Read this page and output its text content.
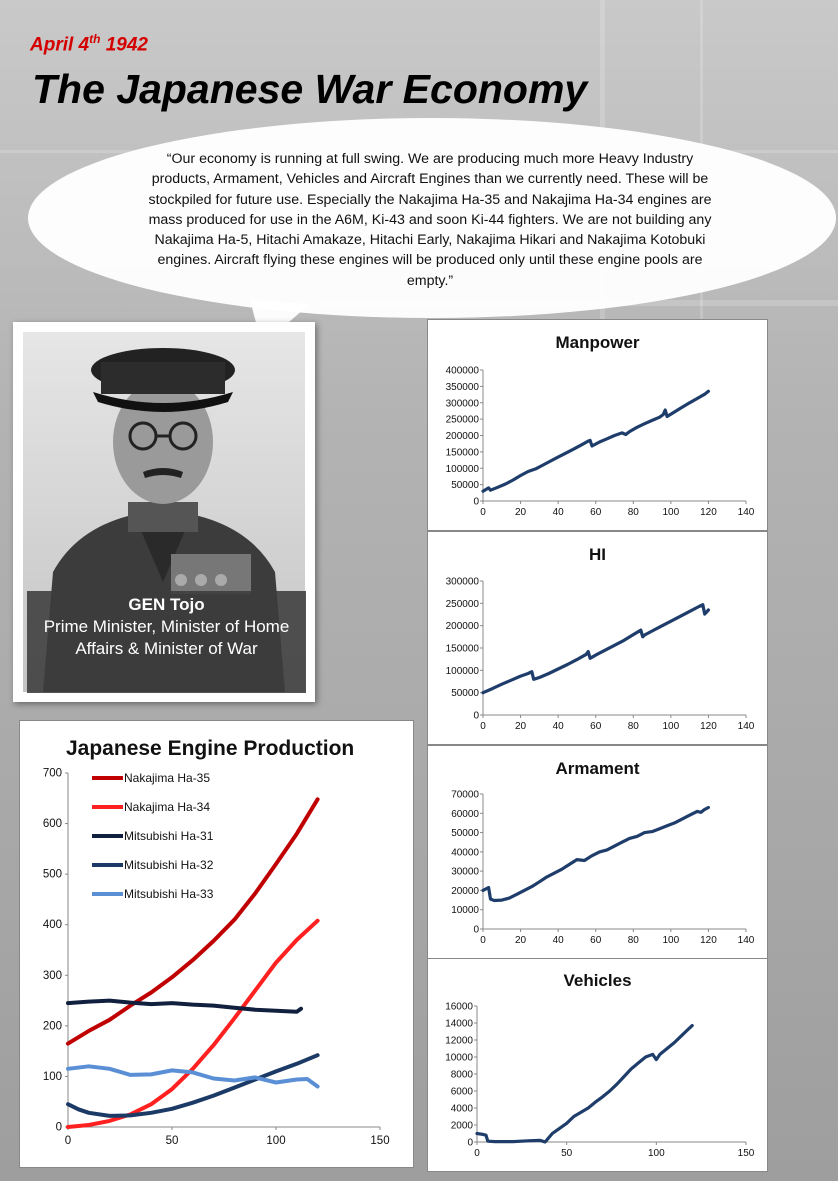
April 4th 1942
The Japanese War Economy
“Our economy is running at full swing. We are producing much more Heavy Industry products, Armament, Vehicles and Aircraft Engines than we currently need. These will be stockpiled for future use. Especially the Nakajima Ha-35 and Nakajima Ha-34 engines are mass produced for use in the A6M, Ki-43 and soon Ki-44 fighters. We are not building any Nakajima Ha-5, Hitachi Amakaze, Hitachi Early, Nakajima Hikari and Nakajima Kotobuki engines. Aircraft flying these engines will be produced only until these engine pools are empty.”
GEN Tojo
Prime Minister, Minister of Home Affairs & Minister of War
Manpower
0
50000
100000
150000
200000
250000
300000
350000
400000
0	20	40	60	80 100 120 140
HI
0
50000
100000
150000
200000
250000
300000
0	20	40	60	80 100 120 140
Armament
0
10000
20000
30000
40000
50000
60000
70000
0	20	40	60	80 100 120 140
Vehicles
0
2000
4000
6000
8000
10000
12000
14000
16000
0	50	100	150
Japanese Engine Production
0
100
200
300
400
500
600
700
0	50	100	150
Nakajima Ha-35
Nakajima Ha-34
Mitsubishi Ha-31
Mitsubishi Ha-32
Mitsubishi Ha-33
